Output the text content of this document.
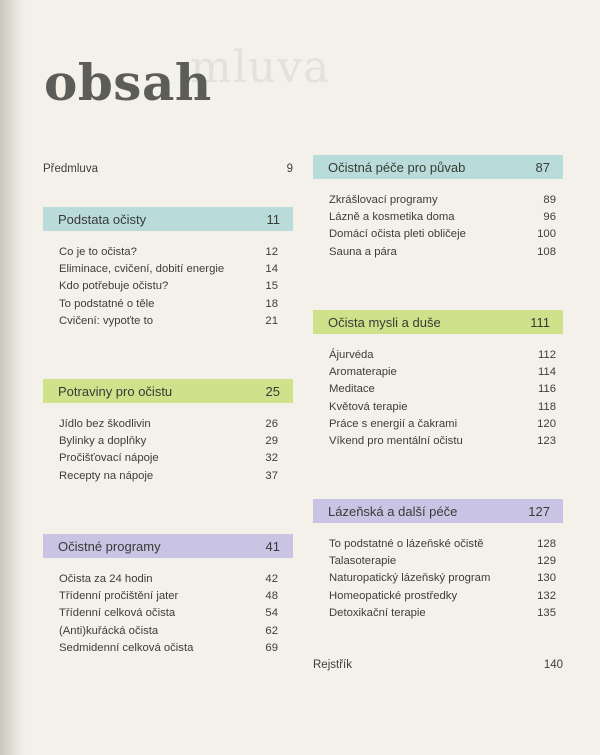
mluva
obsah
Předmluva	9
Podstata očisty	11
Co je to očista?	12
Eliminace, cvičení, dobití energie	14
Kdo potřebuje očistu?	15
To podstatné o těle	18
Cvičení: vypoťte to	21
Potraviny pro očistu	25
Jídlo bez škodlivin	26
Bylinky a doplňky	29
Pročišťovací nápoje	32
Recepty na nápoje	37
Očistné programy	41
Očista za 24 hodin	42
Třídenní pročištění jater	48
Třídenní celková očista	54
(Anti)kuřácká očista	62
Sedmidenní celková očista	69
Očistná péče pro půvab	87
Zkrášlovací programy	89
Lázně a kosmetika doma	96
Domácí očista pleti obličeje	100
Sauna a pára	108
Očista mysli a duše	111
Ájurvéda	112
Aromaterapie	114
Meditace	116
Květová terapie	118
Práce s energií a čakrami	120
Víkend pro mentální očistu	123
Lázeňská a další péče	127
To podstatné o lázeňské očistě	128
Talasoterapie	129
Naturopatický lázeňský program	130
Homeopatické prostředky	132
Detoxikační terapie	135
Rejstřík	140
